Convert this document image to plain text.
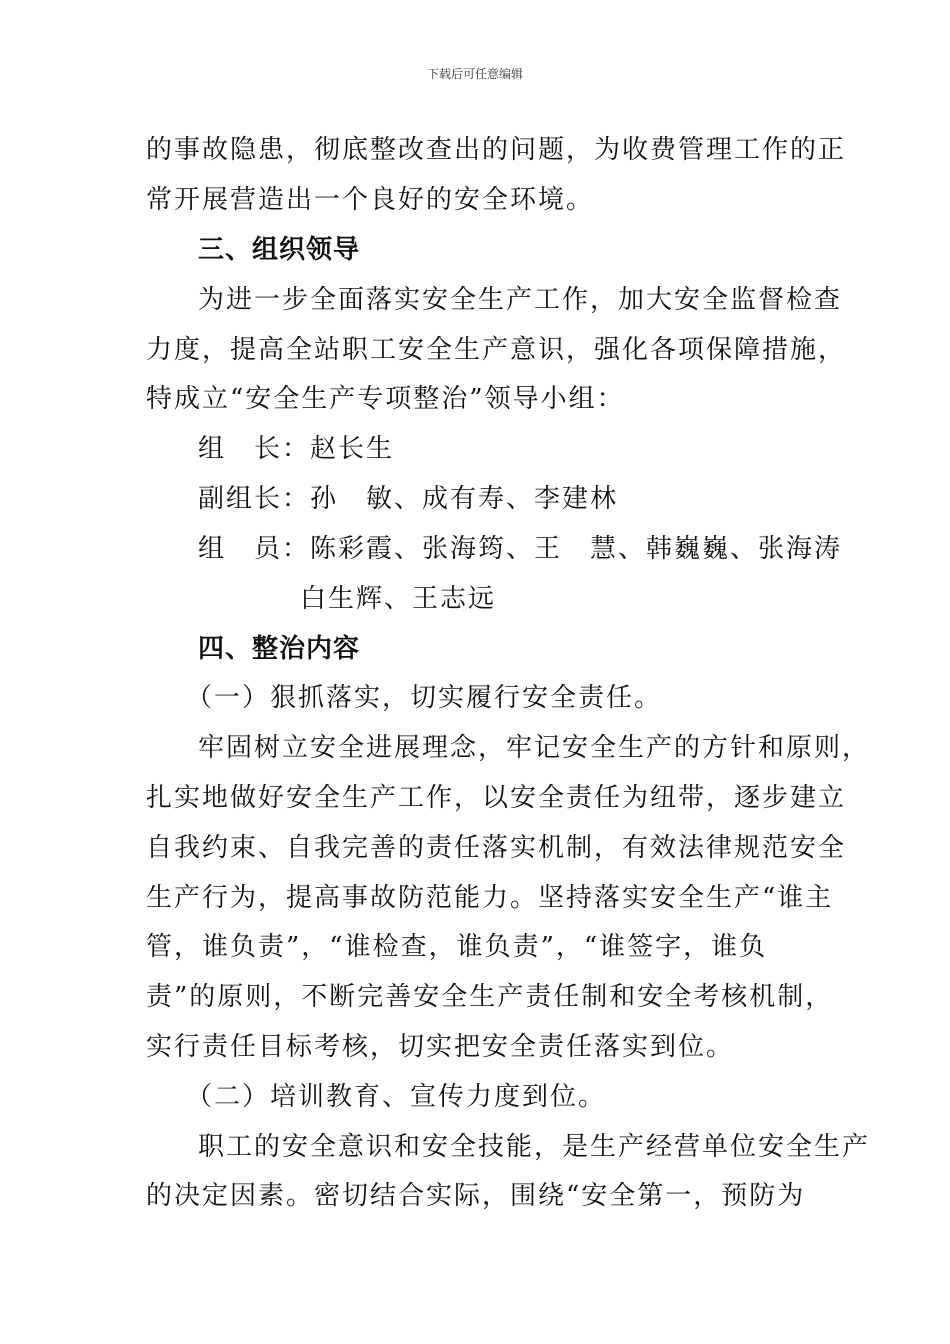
下载后可任意编辑
的事故隐患，彻底整改查出的问题，为收费管理工作的正
常开展营造出一个良好的安全环境。
三、组织领导
为进一步全面落实安全生产工作，加大安全监督检查
力度，提高全站职工安全生产意识，强化各项保障措施，
特成立“安全生产专项整治”领导小组：
组　长：赵长生
副组长：孙　敏、成有寿、李建林
组　员：陈彩霞、张海筠、王　慧、韩巍巍、张海涛
白生辉、王志远
四、整治内容
（一）狠抓落实，切实履行安全责任。
牢固树立安全进展理念，牢记安全生产的方针和原则，
扎实地做好安全生产工作，以安全责任为纽带，逐步建立
自我约束、自我完善的责任落实机制，有效法律规范安全
生产行为，提高事故防范能力。坚持落实安全生产“谁主
管，谁负责”，“谁检查，谁负责”，“谁签字，谁负
责”的原则，不断完善安全生产责任制和安全考核机制，
实行责任目标考核，切实把安全责任落实到位。
（二）培训教育、宣传力度到位。
职工的安全意识和安全技能，是生产经营单位安全生产
的决定因素。密切结合实际，围绕“安全第一，预防为
